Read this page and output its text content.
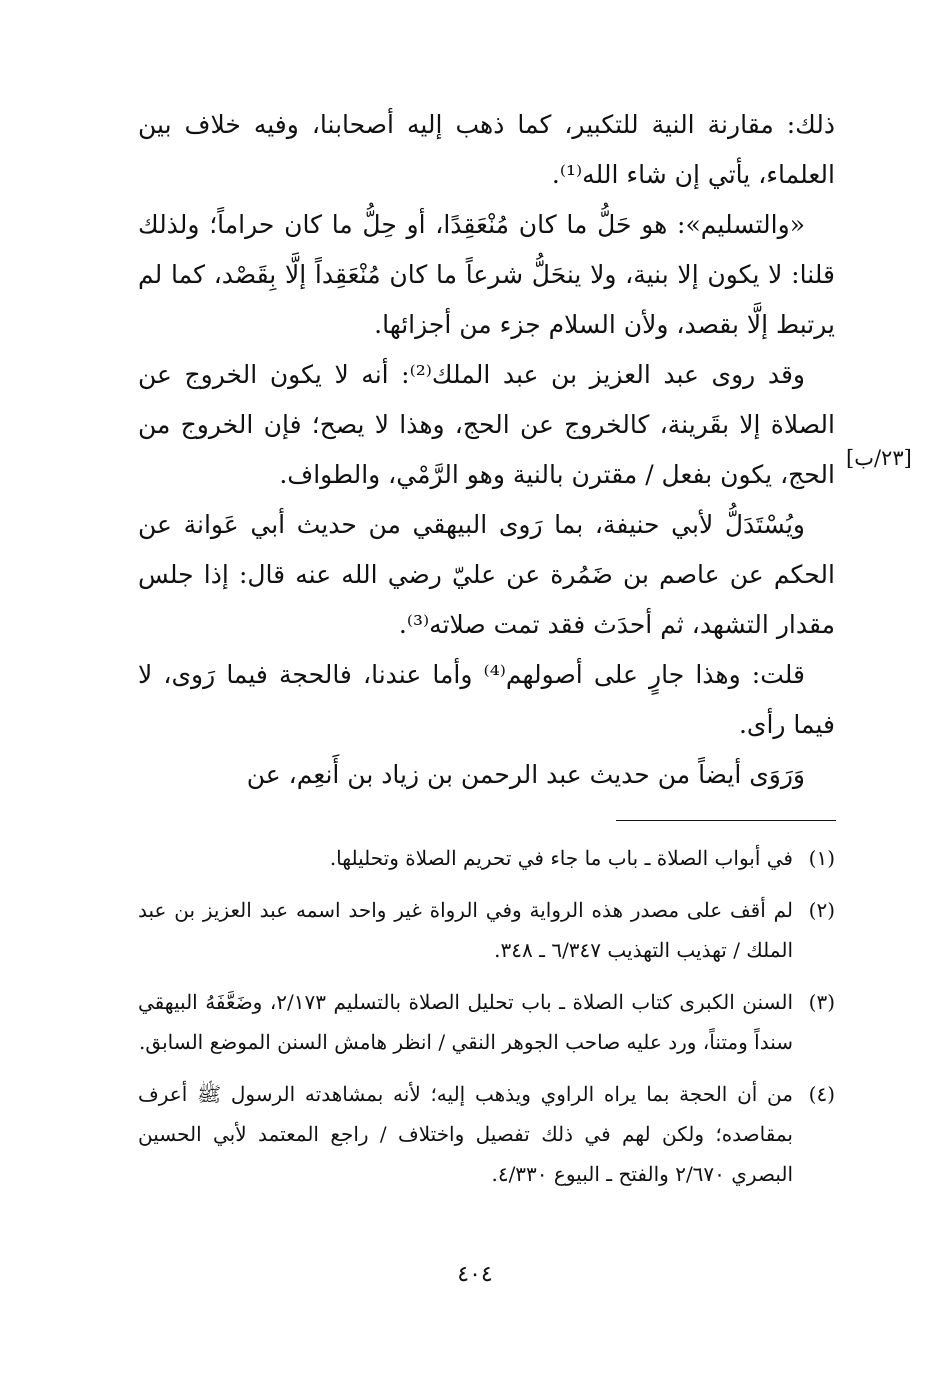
ذلك: مقارنة النية للتكبير، كما ذهب إليه أصحابنا، وفيه خلاف بين العلماء، يأتي إن شاء الله⁽¹⁾.

«والتسليم»: هو حَلُّ ما كان مُنْعَقِدًا، أو حِلُّ ما كان حراماً؛ ولذلك قلنا: لا يكون إلا بنية، ولا ينحَلُّ شرعاً ما كان مُنْعَقِداً إلَّا بِقَصْد، كما لم يرتبط إلَّا بقصد، ولأن السلام جزء من أجزائها.

وقد روى عبد العزيز بن عبد الملك⁽²⁾: أنه لا يكون الخروج عن الصلاة إلا بقَرينة، كالخروج عن الحج، وهذا لا يصح؛ فإن الخروج من الحج، يكون بفعل / مقترن بالنية وهو الرَّمْي، والطواف.

ويُسْتَدَلُّ لأبي حنيفة، بما رَوى البيهقي من حديث أبي عَوانة عن الحكم عن عاصم بن ضَمُرة عن عليّ رضي الله عنه قال: إذا جلس مقدار التشهد، ثم أحدَث فقد تمت صلاته⁽³⁾.

قلت: وهذا جارٍ على أصولهم⁽⁴⁾ وأما عندنا، فالحجة فيما رَوى، لا فيما رأى.

وَرَوَى أيضاً من حديث عبد الرحمن بن زياد بن أَنعِم، عن

[٢٣/ب]
(١)
في أبواب الصلاة ـ باب ما جاء في تحريم الصلاة وتحليلها.
(٢)
لم أقف على مصدر هذه الرواية وفي الرواة غير واحد اسمه عبد العزيز بن عبد الملك / تهذيب التهذيب ٦/٣٤٧ ـ ٣٤٨.
(٣)
السنن الكبرى كتاب الصلاة ـ باب تحليل الصلاة بالتسليم ٢/١٧٣، وضَعَّفَهُ البيهقي سنداً ومتناً، ورد عليه صاحب الجوهر النقي / انظر هامش السنن الموضع السابق.
(٤)
من أن الحجة بما يراه الراوي ويذهب إليه؛ لأنه بمشاهدته الرسول ﷺ أعرف بمقاصده؛ ولكن لهم في ذلك تفصيل واختلاف / راجع المعتمد لأبي الحسين البصري ٢/٦٧٠ والفتح ـ البيوع ٤/٣٣٠.
٤٠٤
